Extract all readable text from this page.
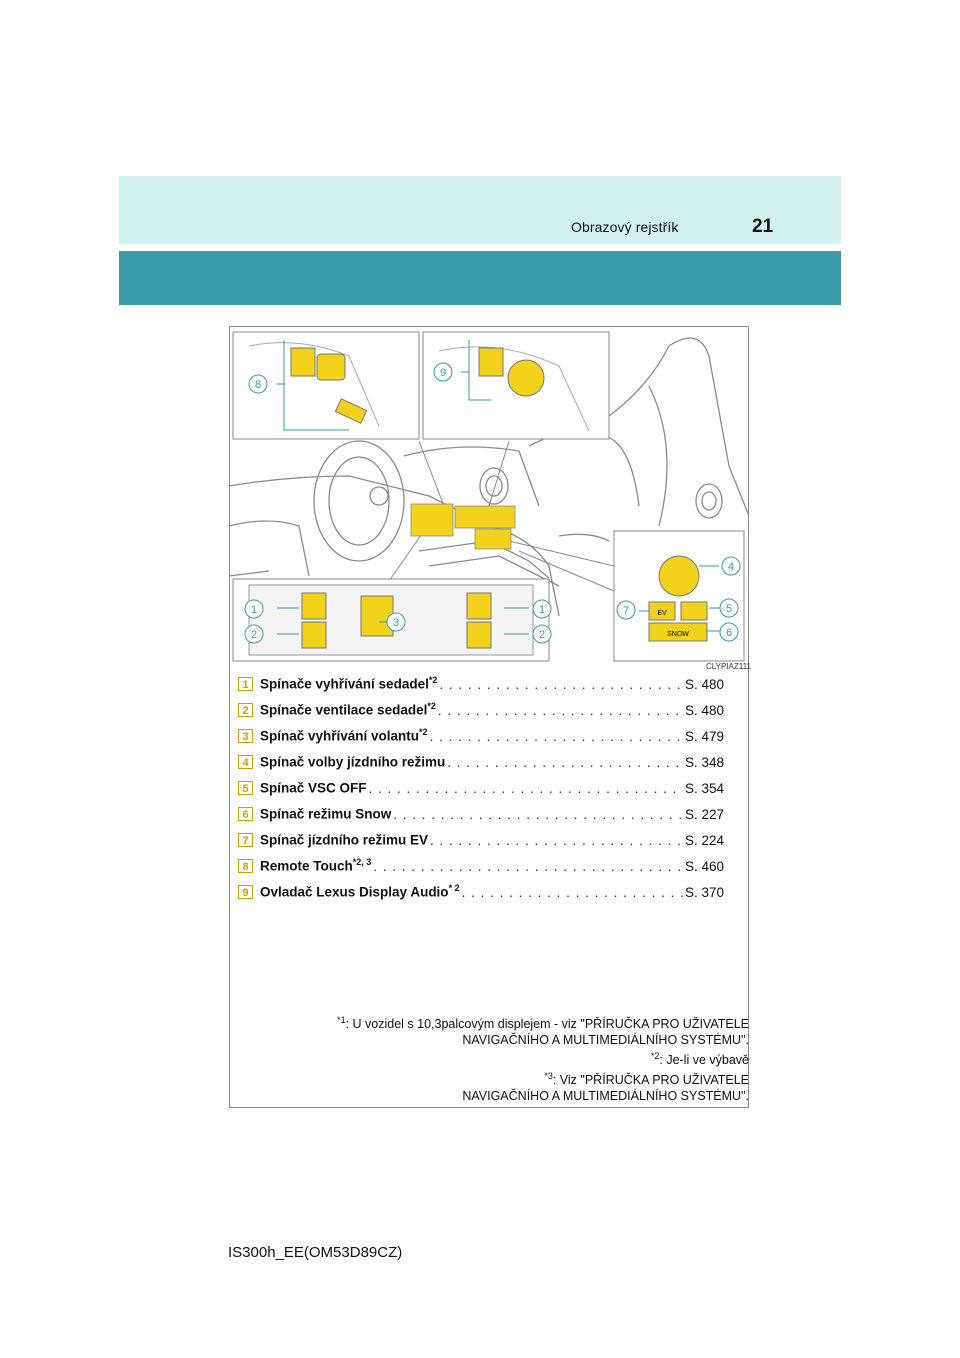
Obrazový rejstřík	21
EV
SNOW
8
9
1
2
3
1
2
4
5
6
7
CLYPIAZ111
1 Spínače vyhřívání sedadel$^{*2}$ . . .	S. 480
2 Spínače ventilace sedadel$^{*2}$ . . .	S. 480
3 Spínač vyhřívání volantu$^{*2}$ . . .	S. 479
4 Spínač volby jízdního režimu . . .	S. 348
5 Spínač VSC OFF . . .	S. 354
6 Spínač režimu Snow . . .	S. 227
7 Spínač jízdního režimu EV . . .	S. 224
8 Remote Touch$^{*2, 3}$ . . .	S. 460
9 Ovladač Lexus Display Audio$^{* 2}$ . . .	S. 370
$^{*1}$: U vozidel s 10,3palcovým displejem - viz "PŘÍRUČKA PRO UŽIVATELE
NAVIGAČNÍHO A MULTIMEDIÁLNÍHO SYSTÉMU".
$^{*2}$: Je-li ve výbavě
$^{*3}$: Viz "PŘÍRUČKA PRO UŽIVATELE
NAVIGAČNÍHO A MULTIMEDIÁLNÍHO SYSTÉMU".
IS300h_EE(OM53D89CZ)
